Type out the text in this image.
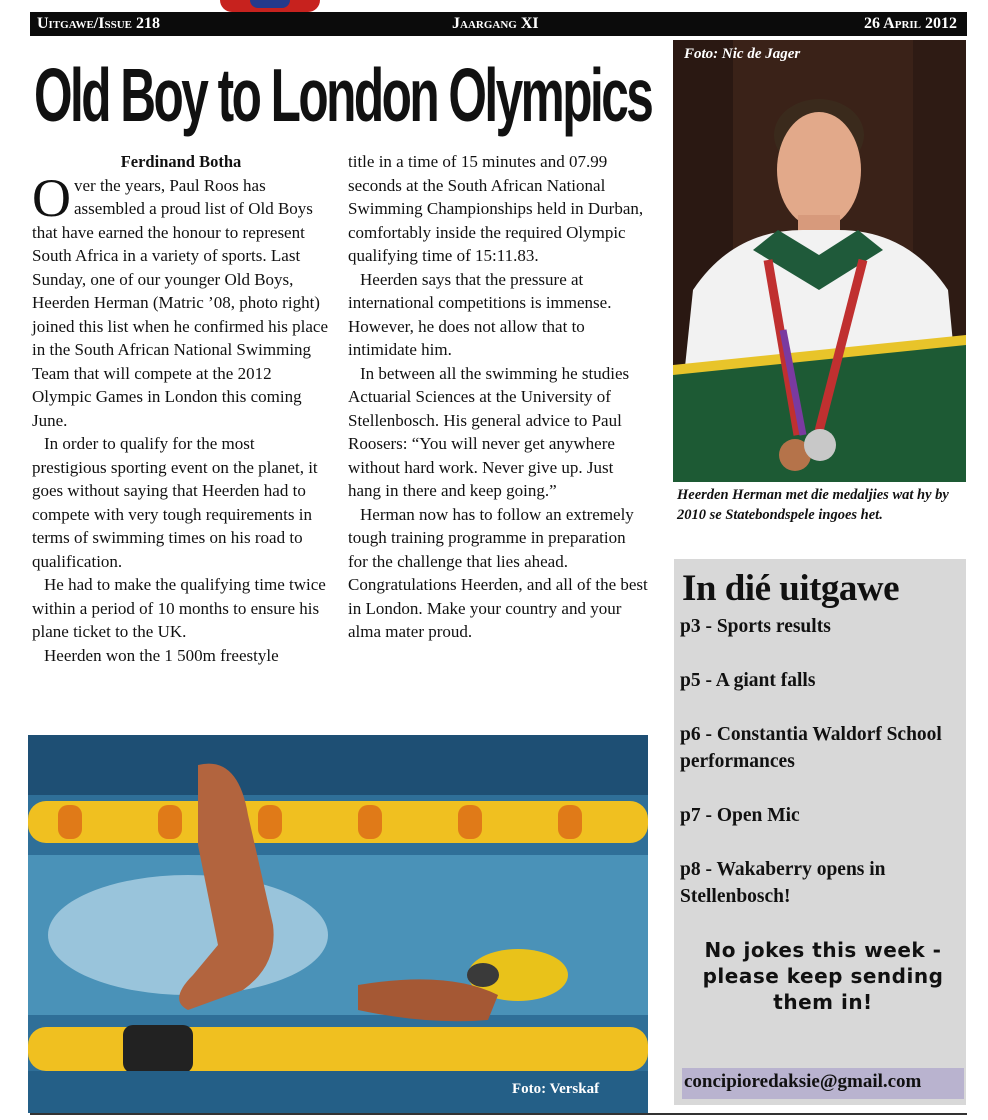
Uitgawe/Issue 218	Jaargang XI	26 April 2012
Old Boy to London Olympics
Ferdinand Botha

Over the years, Paul Roos has assembled a proud list of Old Boys that have earned the honour to represent South Africa in a variety of sports. Last Sunday, one of our younger Old Boys, Heerden Herman (Matric ’08, photo right) joined this list when he confirmed his place in the South African National Swimming Team that will compete at the 2012 Olympic Games in London this coming June.

In order to qualify for the most prestigious sporting event on the planet, it goes without saying that Heerden had to compete with very tough requirements in terms of swimming times on his road to qualification.

He had to make the qualifying time twice within a period of 10 months to ensure his plane ticket to the UK.

Heerden won the 1 500m freestyle

title in a time of 15 minutes and 07.99 seconds at the South African National Swimming Championships held in Durban, comfortably inside the required Olympic qualifying time of 15:11.83.

Heerden says that the pressure at international competitions is immense. However, he does not allow that to intimidate him.

In between all the swimming he studies Actuarial Sciences at the University of Stellenbosch. His general advice to Paul Roosers: “You will never get anywhere without hard work. Never give up. Just hang in there and keep going.”

Herman now has to follow an extremely tough training programme in preparation for the challenge that lies ahead. Congratulations Heerden, and all of the best in London. Make your country and your alma mater proud.

Foto: Nic de Jager
Heerden Herman met die medaljies wat hy by 2010 se Statebondspele ingoes het.
Foto: Verskaf
In dié uitgawe
p3 - Sports results
p5 - A giant falls
p6 - Constantia Waldorf School performances
p7 - Open Mic
p8 - Wakaberry opens in Stellenbosch!
No jokes this week - please keep sending them in!
concipioredaksie@gmail.com
